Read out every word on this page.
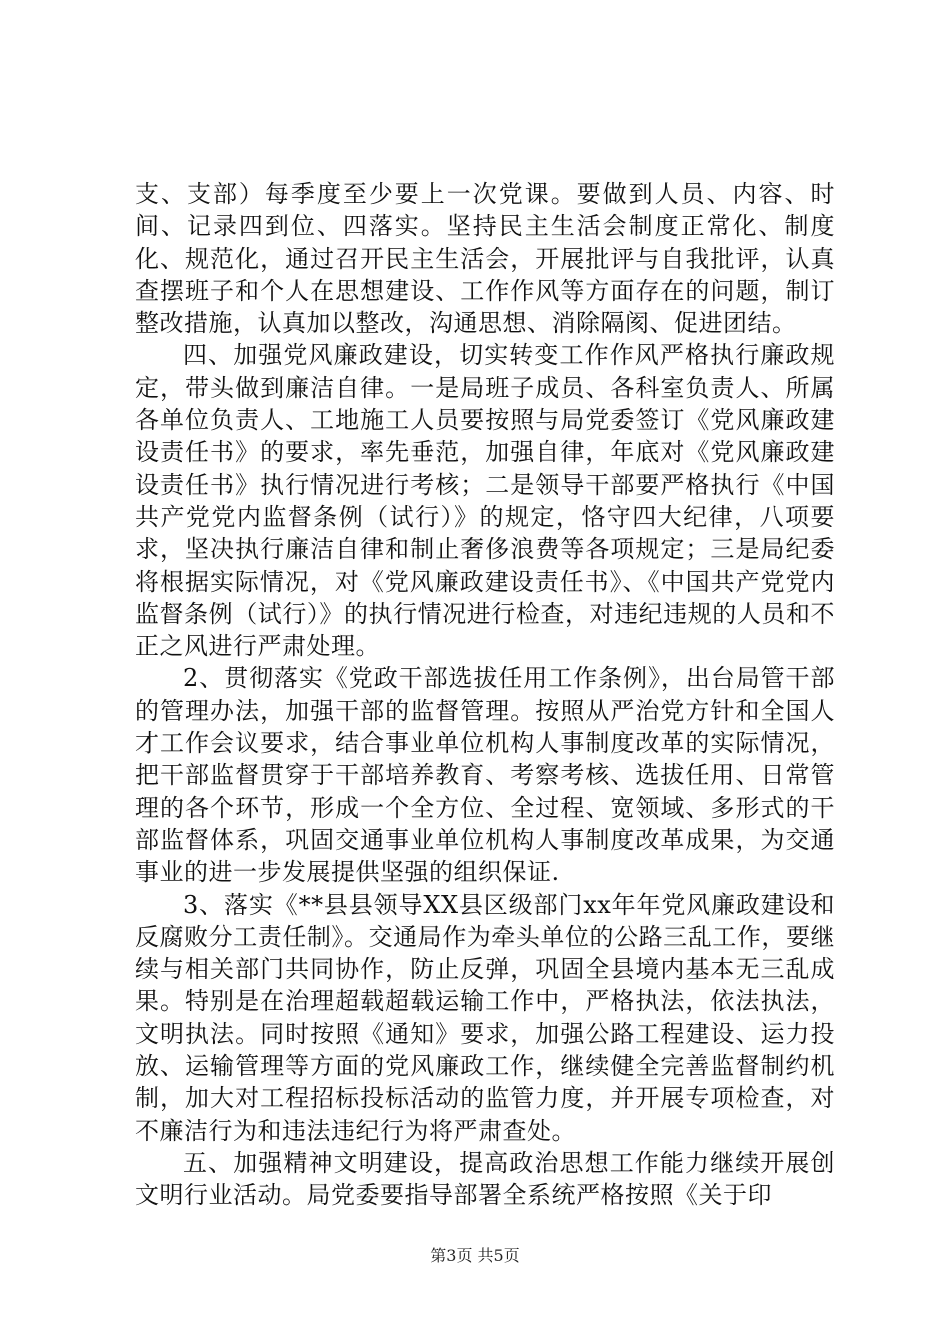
支、支部）每季度至少要上一次党课。要做到人员、内容、时间、记录四到位、四落实。坚持民主生活会制度正常化、制度化、规范化，通过召开民主生活会，开展批评与自我批评，认真查摆班子和个人在思想建设、工作作风等方面存在的问题，制订整改措施，认真加以整改，沟通思想、消除隔阂、促进团结。

四、加强党风廉政建设，切实转变工作作风严格执行廉政规定，带头做到廉洁自律。一是局班子成员、各科室负责人、所属各单位负责人、工地施工人员要按照与局党委签订《党风廉政建设责任书》的要求，率先垂范，加强自律，年底对《党风廉政建设责任书》执行情况进行考核；二是领导干部要严格执行《中国共产党党内监督条例（试行）》的规定，恪守四大纪律，八项要求，坚决执行廉洁自律和制止奢侈浪费等各项规定；三是局纪委将根据实际情况，对《党风廉政建设责任书》、《中国共产党党内监督条例（试行）》的执行情况进行检查，对违纪违规的人员和不正之风进行严肃处理。

2、贯彻落实《党政干部选拔任用工作条例》，出台局管干部的管理办法，加强干部的监督管理。按照从严治党方针和全国人才工作会议要求，结合事业单位机构人事制度改革的实际情况，把干部监督贯穿于干部培养教育、考察考核、选拔任用、日常管理的各个环节，形成一个全方位、全过程、宽领域、多形式的干部监督体系，巩固交通事业单位机构人事制度改革成果，为交通事业的进一步发展提供坚强的组织保证.

3、落实《**县县领导XX县区级部门xx年年党风廉政建设和反腐败分工责任制》。交通局作为牵头单位的公路三乱工作，要继续与相关部门共同协作，防止反弹，巩固全县境内基本无三乱成果。特别是在治理超载超载运输工作中，严格执法，依法执法，文明执法。同时按照《通知》要求，加强公路工程建设、运力投放、运输管理等方面的党风廉政工作，继续健全完善监督制约机制，加大对工程招标投标活动的监管力度，并开展专项检查，对不廉洁行为和违法违纪行为将严肃查处。

五、加强精神文明建设，提高政治思想工作能力继续开展创文明行业活动。局党委要指导部署全系统严格按照《关于印

第3页 共5页
